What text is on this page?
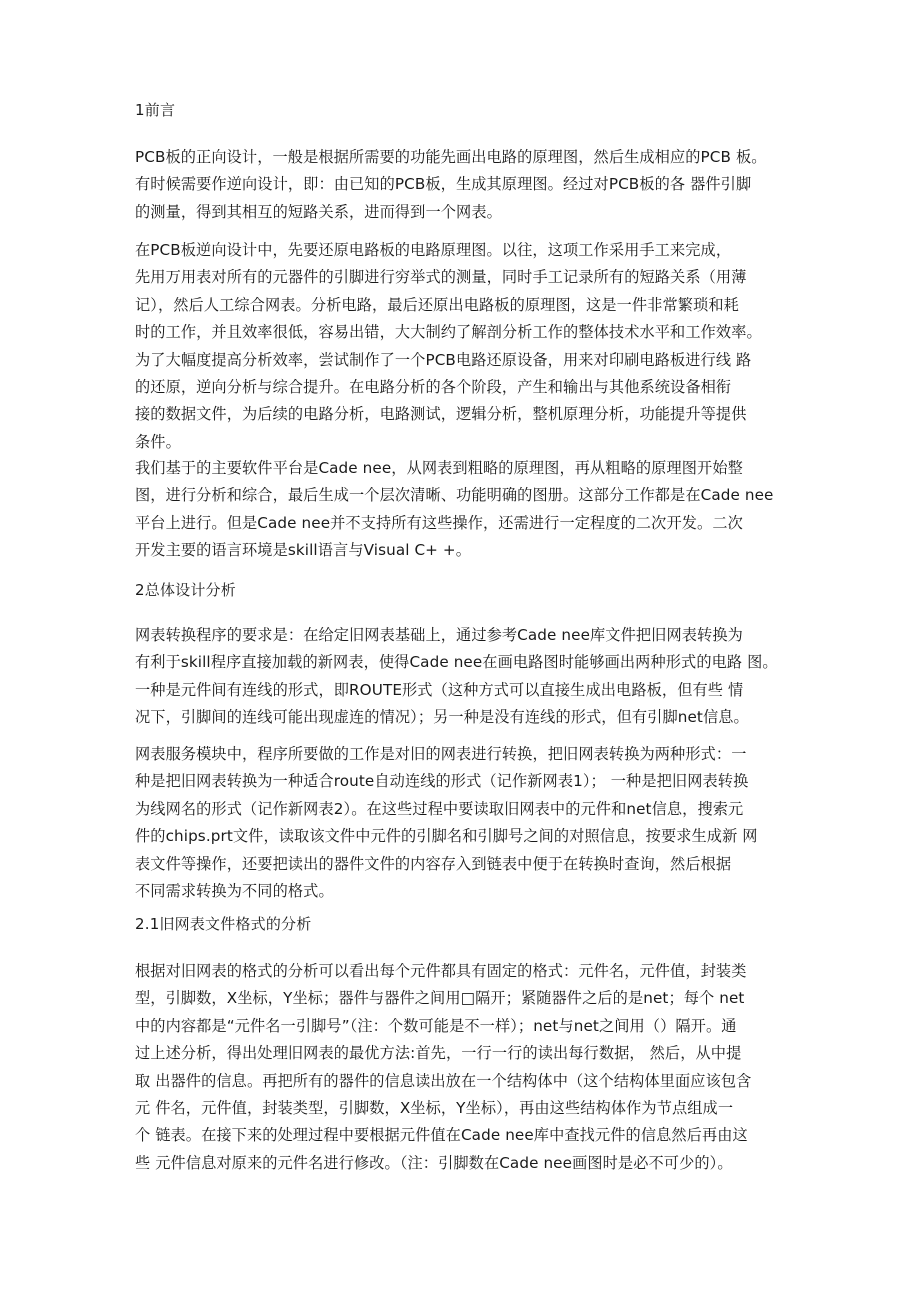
1前言
PCB板的正向设计，一般是根据所需要的功能先画出电路的原理图，然后生成相应的PCB 板。
有时候需要作逆向设计，即：由已知的PCB板，生成其原理图。经过对PCB板的各 器件引脚
的测量，得到其相互的短路关系，进而得到一个网表。
在PCB板逆向设计中，先要还原电路板的电路原理图。以往，这项工作采用手工来完成，
先用万用表对所有的元器件的引脚进行穷举式的测量，同时手工记录所有的短路关系（用薄
记），然后人工综合网表。分析电路，最后还原出电路板的原理图，这是一件非常繁琐和耗
时的工作，并且效率很低，容易出错，大大制约了解剖分析工作的整体技术水平和工作效率。
为了大幅度提高分析效率，尝试制作了一个PCB电路还原设备，用来对印刷电路板进行线 路
的还原，逆向分析与综合提升。在电路分析的各个阶段，产生和输出与其他系统设备相衔
接的数据文件，为后续的电路分析，电路测试，逻辑分析，整机原理分析，功能提升等提供
条件。
我们基于的主要软件平台是Cade nee，从网表到粗略的原理图，再从粗略的原理图开始整
图，进行分析和综合，最后生成一个层次清晰、功能明确的图册。这部分工作都是在Cade nee
平台上进行。但是Cade nee并不支持所有这些操作，还需进行一定程度的二次开发。二次
开发主要的语言环境是skill语言与Visual C+ +。
2总体设计分析
网表转换程序的要求是：在给定旧网表基础上，通过参考Cade nee库文件把旧网表转换为
有利于skill程序直接加载的新网表，使得Cade nee在画电路图时能够画出两种形式的电路 图。
一种是元件间有连线的形式，即ROUTE形式（这种方式可以直接生成出电路板，但有些 情
况下，引脚间的连线可能出现虚连的情况）；另一种是没有连线的形式，但有引脚net信息。
网表服务模块中，程序所要做的工作是对旧的网表进行转换，把旧网表转换为两种形式：一
种是把旧网表转换为一种适合route自动连线的形式（记作新网表1）； 一种是把旧网表转换
为线网名的形式（记作新网表2）。在这些过程中要读取旧网表中的元件和net信息，搜索元
件的chips.prt文件，读取该文件中元件的引脚名和引脚号之间的对照信息，按要求生成新 网
表文件等操作，还要把读出的器件文件的内容存入到链表中便于在转换时查询，然后根据
不同需求转换为不同的格式。
2.1旧网表文件格式的分析
根据对旧网表的格式的分析可以看出每个元件都具有固定的格式：元件名，元件值，封装类
型，引脚数，X坐标，Y坐标；器件与器件之间用□隔开；紧随器件之后的是net；每个 net
中的内容都是“元件名一引脚号”（注：个数可能是不一样）；net与net之间用（）隔开。通
过上述分析，得出处理旧网表的最优方法:首先，一行一行的读出每行数据， 然后，从中提
取 出器件的信息。再把所有的器件的信息读出放在一个结构体中（这个结构体里面应该包含
元 件名，元件值，封装类型，引脚数，X坐标，Y坐标），再由这些结构体作为节点组成一
个 链表。在接下来的处理过程中要根据元件值在Cade nee库中查找元件的信息然后再由这
些 元件信息对原来的元件名进行修改。（注：引脚数在Cade nee画图时是必不可少的）。
